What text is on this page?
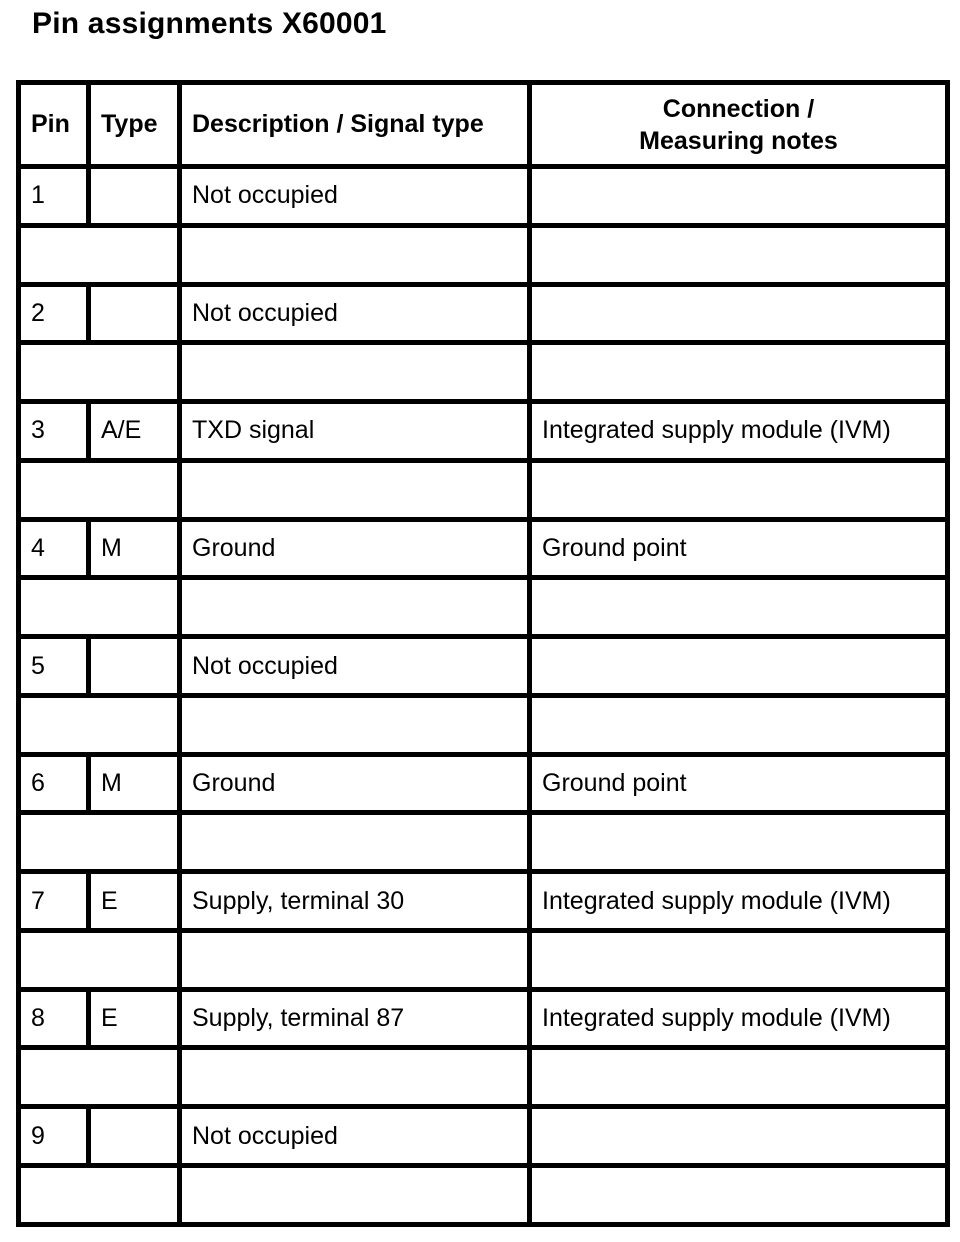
Pin assignments X60001
Pin	Type	Description / Signal type	Connection /
Measuring notes
1		Not occupied	

2		Not occupied	

3	A/E	TXD signal	Integrated supply module (IVM)

4	M	Ground	Ground point

5		Not occupied	

6	M	Ground	Ground point

7	E	Supply, terminal 30	Integrated supply module (IVM)

8	E	Supply, terminal 87	Integrated supply module (IVM)

9		Not occupied	
